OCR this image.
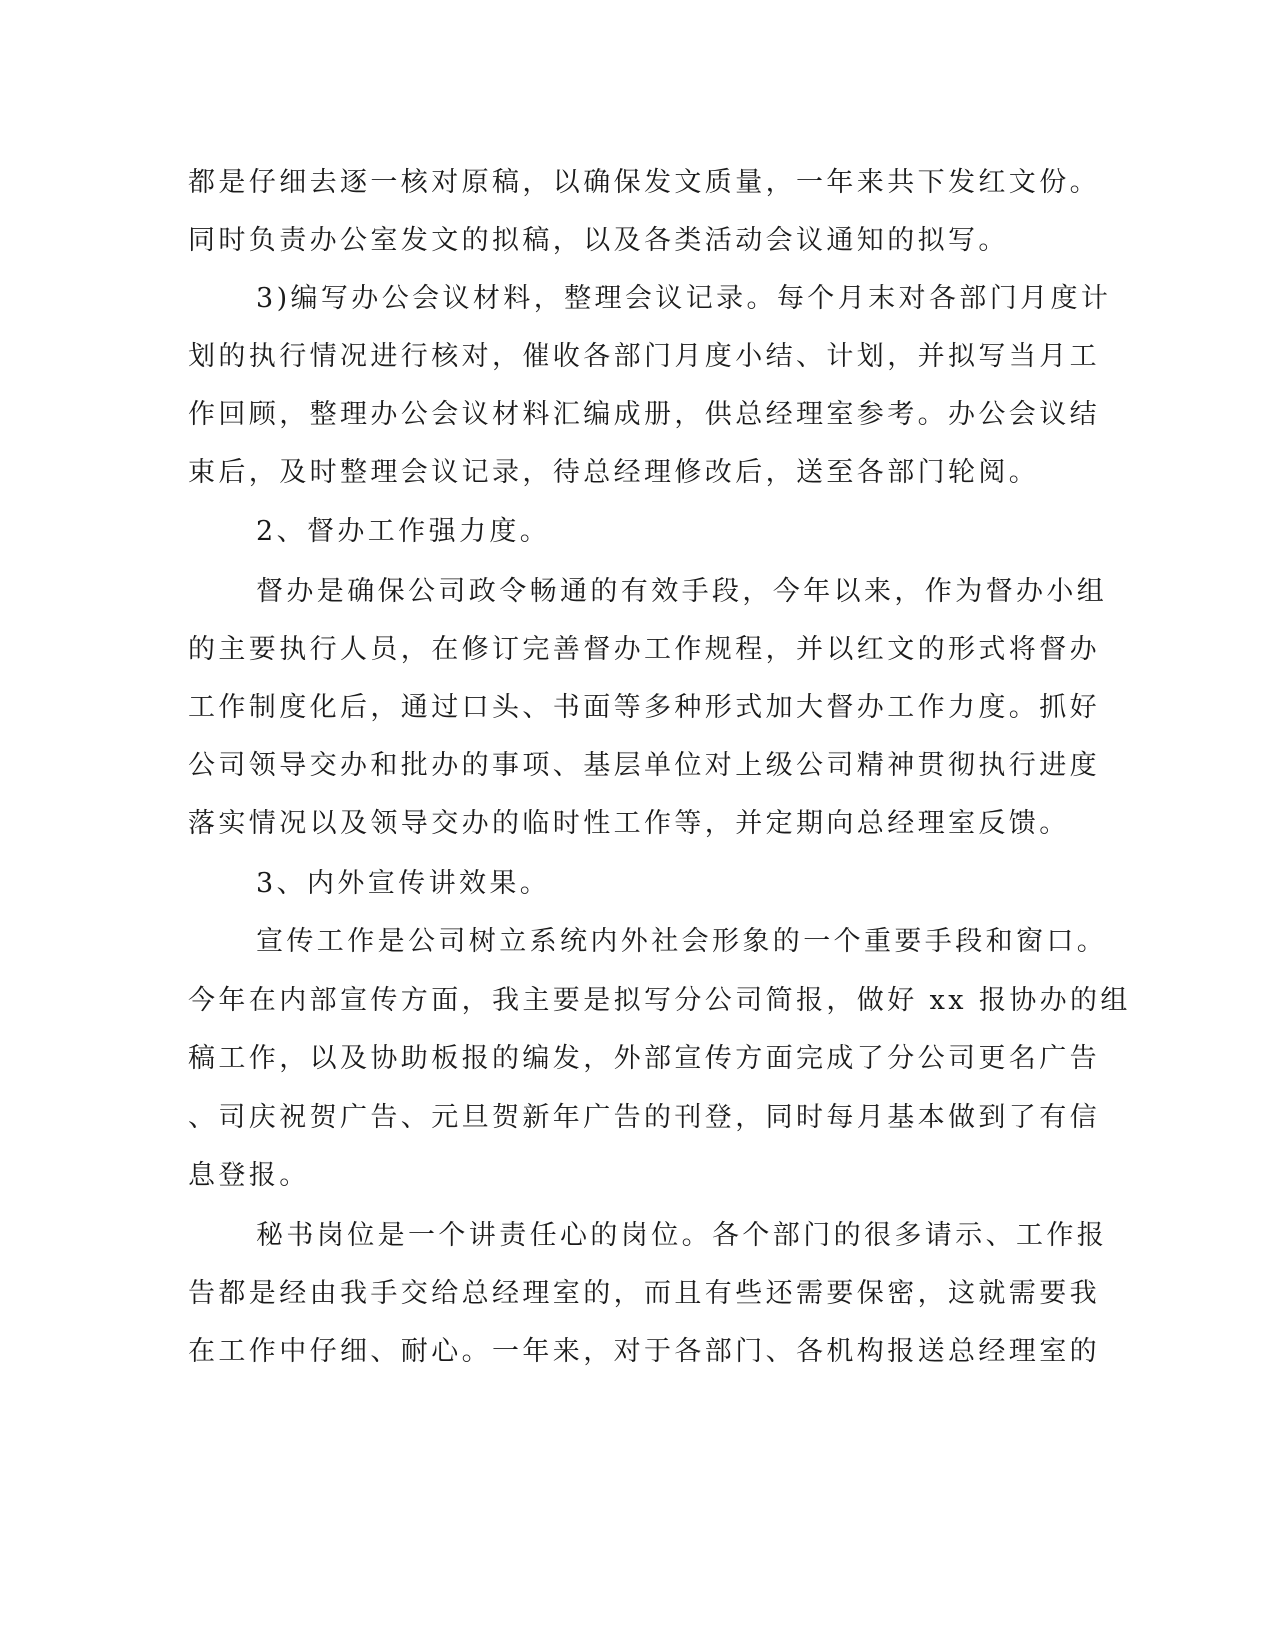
都是仔细去逐一核对原稿，以确保发文质量，一年来共下发红文份。
同时负责办公室发文的拟稿，以及各类活动会议通知的拟写。
3)编写办公会议材料，整理会议记录。每个月末对各部门月度计
划的执行情况进行核对，催收各部门月度小结、计划，并拟写当月工
作回顾，整理办公会议材料汇编成册，供总经理室参考。办公会议结
束后，及时整理会议记录，待总经理修改后，送至各部门轮阅。
2、督办工作强力度。
督办是确保公司政令畅通的有效手段，今年以来，作为督办小组
的主要执行人员，在修订完善督办工作规程，并以红文的形式将督办
工作制度化后，通过口头、书面等多种形式加大督办工作力度。抓好
公司领导交办和批办的事项、基层单位对上级公司精神贯彻执行进度
落实情况以及领导交办的临时性工作等，并定期向总经理室反馈。
3、内外宣传讲效果。
宣传工作是公司树立系统内外社会形象的一个重要手段和窗口。
今年在内部宣传方面，我主要是拟写分公司简报，做好 xx 报协办的组
稿工作，以及协助板报的编发，外部宣传方面完成了分公司更名广告
、司庆祝贺广告、元旦贺新年广告的刊登，同时每月基本做到了有信
息登报。
秘书岗位是一个讲责任心的岗位。各个部门的很多请示、工作报
告都是经由我手交给总经理室的，而且有些还需要保密，这就需要我
在工作中仔细、耐心。一年来，对于各部门、各机构报送总经理室的
